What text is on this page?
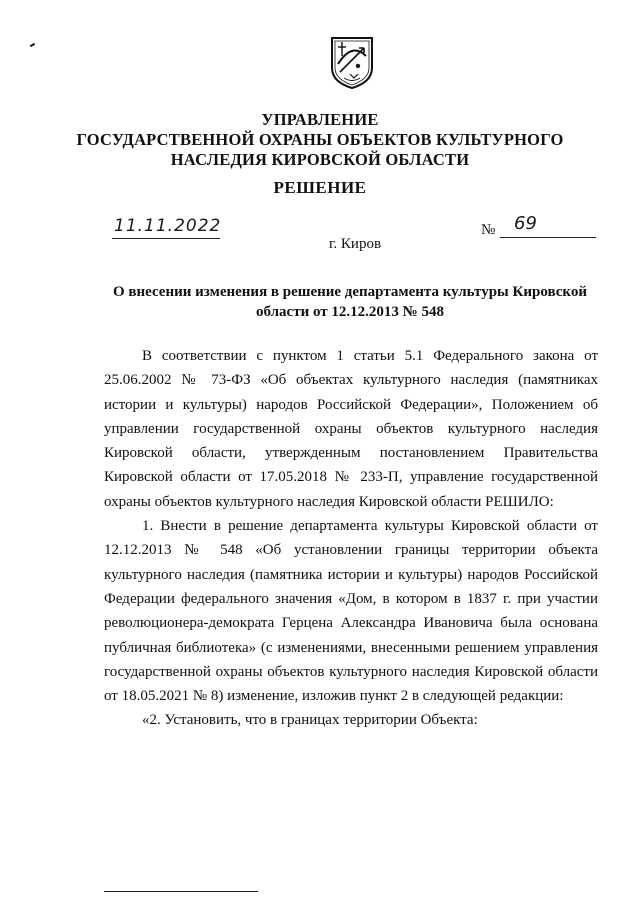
УПРАВЛЕНИЕ
ГОСУДАРСТВЕННОЙ ОХРАНЫ ОБЪЕКТОВ КУЛЬТУРНОГО
НАСЛЕДИЯ КИРОВСКОЙ ОБЛАСТИ
РЕШЕНИЕ
11.11.2022	№ 69
г. Киров
О внесении изменения в решение департамента культуры Кировской области от 12.12.2013 № 548

В соответствии с пунктом 1 статьи 5.1 Федерального закона от 25.06.2002 № 73-ФЗ «Об объектах культурного наследия (памятниках истории и культуры) народов Российской Федерации», Положением об управлении государственной охраны объектов культурного наследия Кировской области, утвержденным постановлением Правительства Кировской области от 17.05.2018 № 233-П, управление государственной охраны объектов культурного наследия Кировской области РЕШИЛО:

1. Внести в решение департамента культуры Кировской области от 12.12.2013 № 548 «Об установлении границы территории объекта культурного наследия (памятника истории и культуры) народов Российской Федерации федерального значения «Дом, в котором в 1837 г. при участии революционера-демократа Герцена Александра Ивановича была основана публичная библиотека» (с изменениями, внесенными решением управления государственной охраны объектов культурного наследия Кировской области от 18.05.2021 № 8) изменение, изложив пункт 2 в следующей редакции:

«2. Установить, что в границах территории Объекта:
